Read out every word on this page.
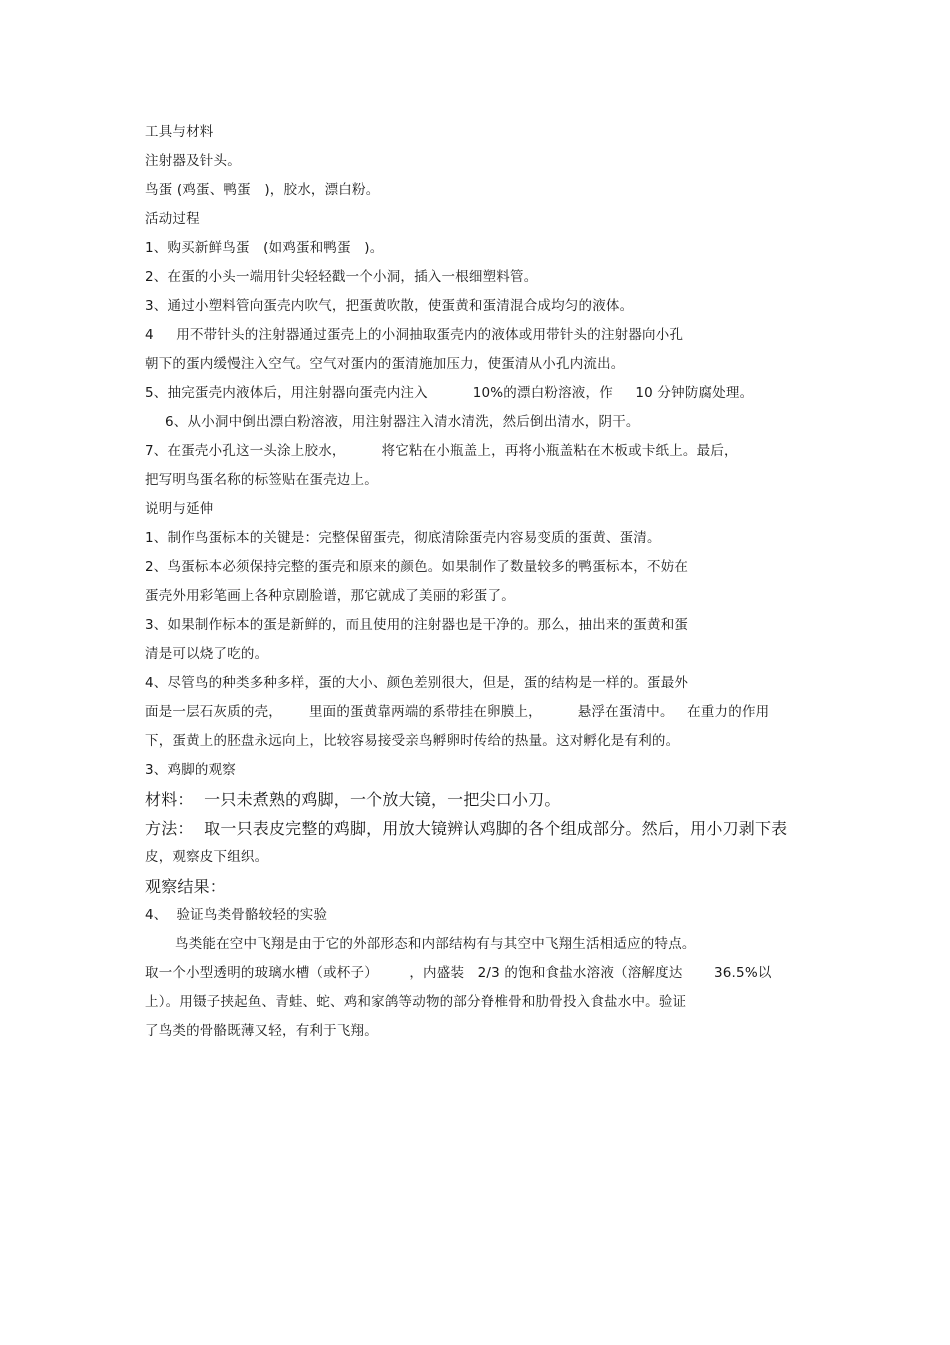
工具与材料
注射器及针头。
鸟蛋 (鸡蛋、鸭蛋   )，胶水，漂白粉。
活动过程
1、购买新鲜鸟蛋   (如鸡蛋和鸭蛋   )。
2、在蛋的小头一端用针尖轻轻戳一个小洞，插入一根细塑料管。
3、通过小塑料管向蛋壳内吹气，把蛋黄吹散，使蛋黄和蛋清混合成均匀的液体。
4     用不带针头的注射器通过蛋壳上的小洞抽取蛋壳内的液体或用带针头的注射器向小孔
朝下的蛋内缓慢注入空气。空气对蛋内的蛋清施加压力，使蛋清从小孔内流出。
5、抽完蛋壳内液体后，用注射器向蛋壳内注入          10%的漂白粉溶液，作     10 分钟防腐处理。
6、从小洞中倒出漂白粉溶液，用注射器注入清水清洗，然后倒出清水，阴干。
7、在蛋壳小孔这一头涂上胶水，        将它粘在小瓶盖上，再将小瓶盖粘在木板或卡纸上。最后，
把写明鸟蛋名称的标签贴在蛋壳边上。
说明与延伸
1、制作鸟蛋标本的关键是：完整保留蛋壳，彻底清除蛋壳内容易变质的蛋黄、蛋清。
2、鸟蛋标本必须保持完整的蛋壳和原来的颜色。如果制作了数量较多的鸭蛋标本，不妨在
蛋壳外用彩笔画上各种京剧脸谱，那它就成了美丽的彩蛋了。
3、如果制作标本的蛋是新鲜的，而且使用的注射器也是干净的。那么，抽出来的蛋黄和蛋
清是可以烧了吃的。
4、尽管鸟的种类多种多样，蛋的大小、颜色差别很大，但是，蛋的结构是一样的。蛋最外
面是一层石灰质的壳，      里面的蛋黄靠两端的系带挂在卵膜上，        悬浮在蛋清中。   在重力的作用
下，蛋黄上的胚盘永远向上，比较容易接受亲鸟孵卵时传给的热量。这对孵化是有利的。
3、鸡脚的观察
材料：  一只未煮熟的鸡脚，一个放大镜，一把尖口小刀。
方法：  取一只表皮完整的鸡脚，用放大镜辨认鸡脚的各个组成部分。然后，用小刀剥下表
皮，观察皮下组织。
观察结果：
4、  验证鸟类骨骼较轻的实验
鸟类能在空中飞翔是由于它的外部形态和内部结构有与其空中飞翔生活相适应的特点。
取一个小型透明的玻璃水槽（或杯子）       ，内盛装   2/3 的饱和食盐水溶液（溶解度达       36.5%以
上）。用镊子挟起鱼、青蛙、蛇、鸡和家鸽等动物的部分脊椎骨和肋骨投入食盐水中。验证
了鸟类的骨骼既薄又轻，有利于飞翔。
